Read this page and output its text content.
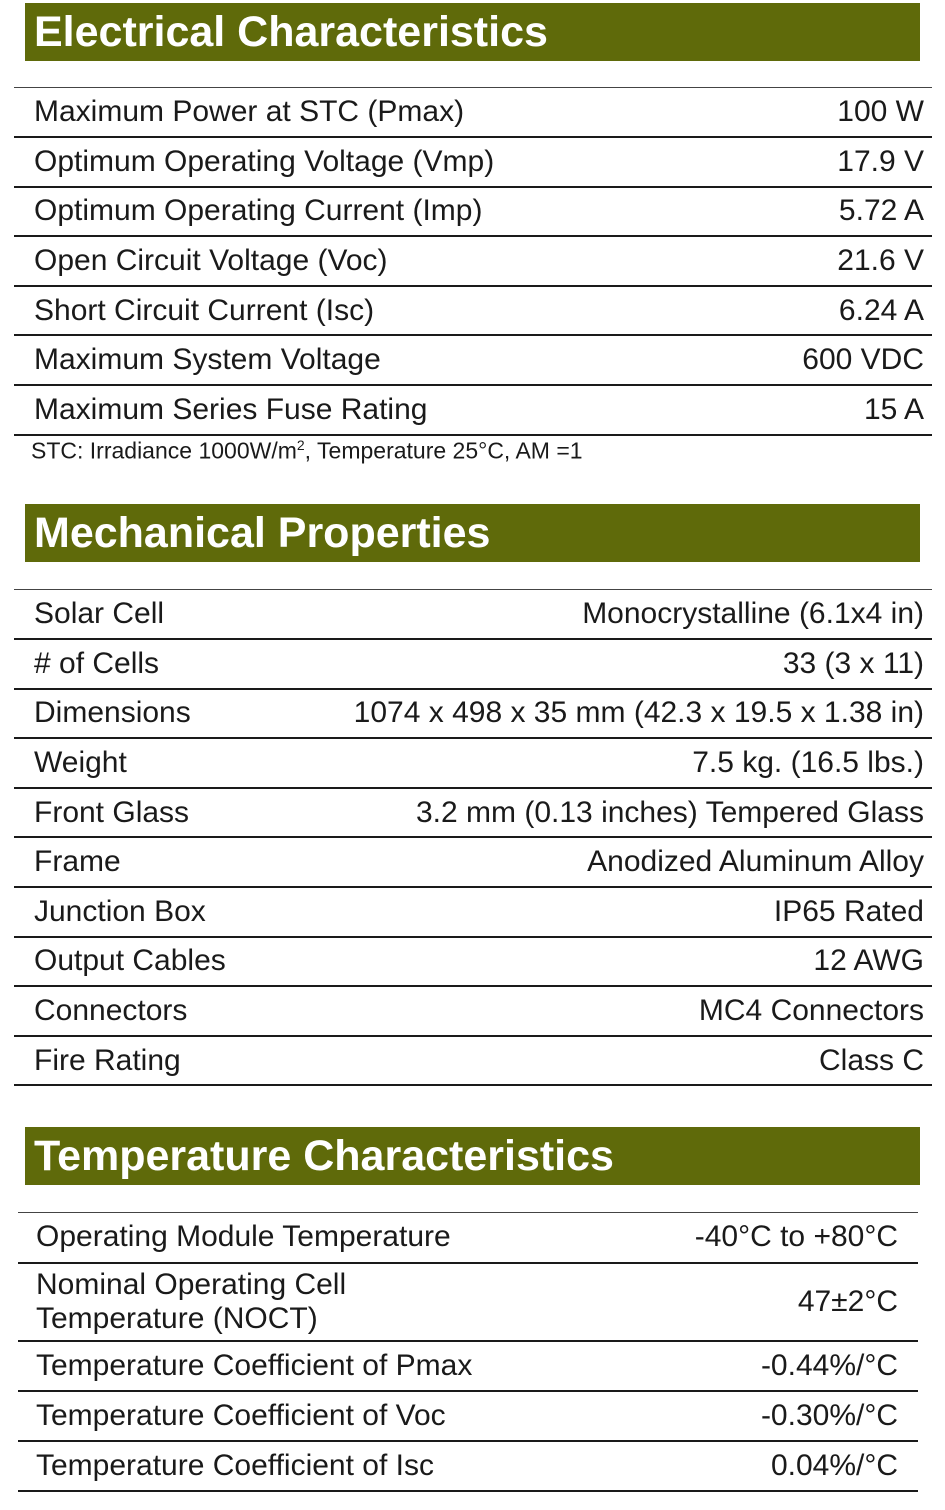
Electrical Characteristics
Maximum Power at STC (Pmax)	100 W
Optimum Operating Voltage (Vmp)	17.9 V
Optimum Operating Current (Imp)	5.72 A
Open Circuit Voltage (Voc)	21.6 V
Short Circuit Current (Isc)	6.24 A
Maximum System Voltage	600 VDC
Maximum Series Fuse Rating	15 A
STC: Irradiance $1000W/m^2$, Temperature 25°C, AM =1
Mechanical Properties
Solar Cell	Monocrystalline (6.1x4 in)
# of Cells	33 (3 x 11)
Dimensions	1074 x 498 x 35 mm (42.3 x 19.5 x 1.38 in)
Weight	7.5 kg. (16.5 lbs.)
Front Glass	3.2 mm (0.13 inches) Tempered Glass
Frame	Anodized Aluminum Alloy
Junction Box	IP65 Rated
Output Cables	12 AWG
Connectors	MC4 Connectors
Fire Rating	Class C
Temperature Characteristics
Operating Module Temperature	-40°C to +80°C
Nominal Operating Cell Temperature (NOCT)	47±2°C
Temperature Coefficient of Pmax	-0.44%/°C
Temperature Coefficient of Voc	-0.30%/°C
Temperature Coefficient of Isc	0.04%/°C
